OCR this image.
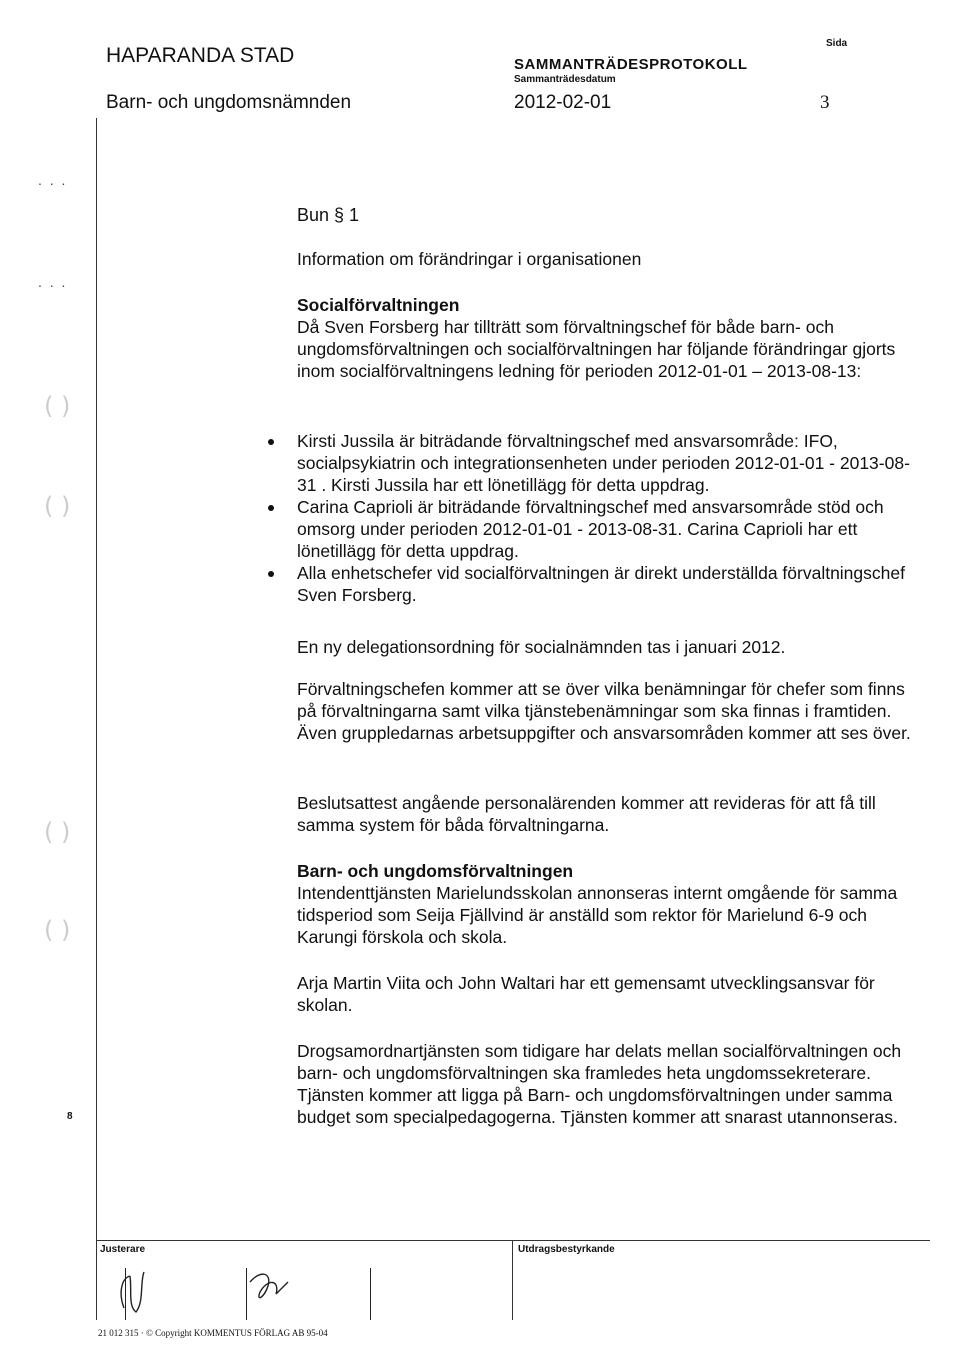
HAPARANDA STAD
Barn- och ungdomsnämnden
SAMMANTRÄDESPROTOKOLL
Sammanträdesdatum
2012-02-01
Sida
3
. . .
. . .
( )
( )
( )
( )
8
Bun § 1
Information om förändringar i organisationen
Socialförvaltningen
Då Sven Forsberg har tillträtt som förvaltningschef för både barn- och ungdomsförvaltningen och socialförvaltningen har följande förändringar gjorts inom socialförvaltningens ledning för perioden 2012-01-01 – 2013-08-13:
Kirsti Jussila är biträdande förvaltningschef med ansvarsområde: IFO, socialpsykiatrin och integrationsenheten under perioden 2012-01-01 - 2013-08-31 . Kirsti Jussila har ett lönetillägg för detta uppdrag.
Carina Caprioli är biträdande förvaltningschef med ansvarsområde stöd och omsorg under perioden 2012-01-01 - 2013-08-31. Carina Caprioli har ett lönetillägg för detta uppdrag.
Alla enhetschefer vid socialförvaltningen är direkt underställda förvaltningschef Sven Forsberg.
En ny delegationsordning för socialnämnden tas i januari 2012.
Förvaltningschefen kommer att se över vilka benämningar för chefer som finns på förvaltningarna samt vilka tjänstebenämningar som ska finnas i framtiden. Även gruppledarnas arbetsuppgifter och ansvarsområden kommer att ses över.
Beslutsattest angående personalärenden kommer att revideras för att få till samma system för båda förvaltningarna.
Barn- och ungdomsförvaltningen
Intendenttjänsten Marielundsskolan annonseras internt omgående för samma tidsperiod som Seija Fjällvind är anställd som rektor för Marielund 6-9 och Karungi förskola och skola.
Arja Martin Viita och John Waltari har ett gemensamt utvecklingsansvar för skolan.
Drogsamordnartjänsten som tidigare har delats mellan socialförvaltningen och barn- och ungdomsförvaltningen ska framledes heta ungdomssekreterare. Tjänsten kommer att ligga på Barn- och ungdomsförvaltningen under samma budget som specialpedagogerna. Tjänsten kommer att snarast utannonseras.
Justerare	Utdragsbestyrkande
21 012 315 · © Copyright KOMMENTUS FÖRLAG AB 95-04
